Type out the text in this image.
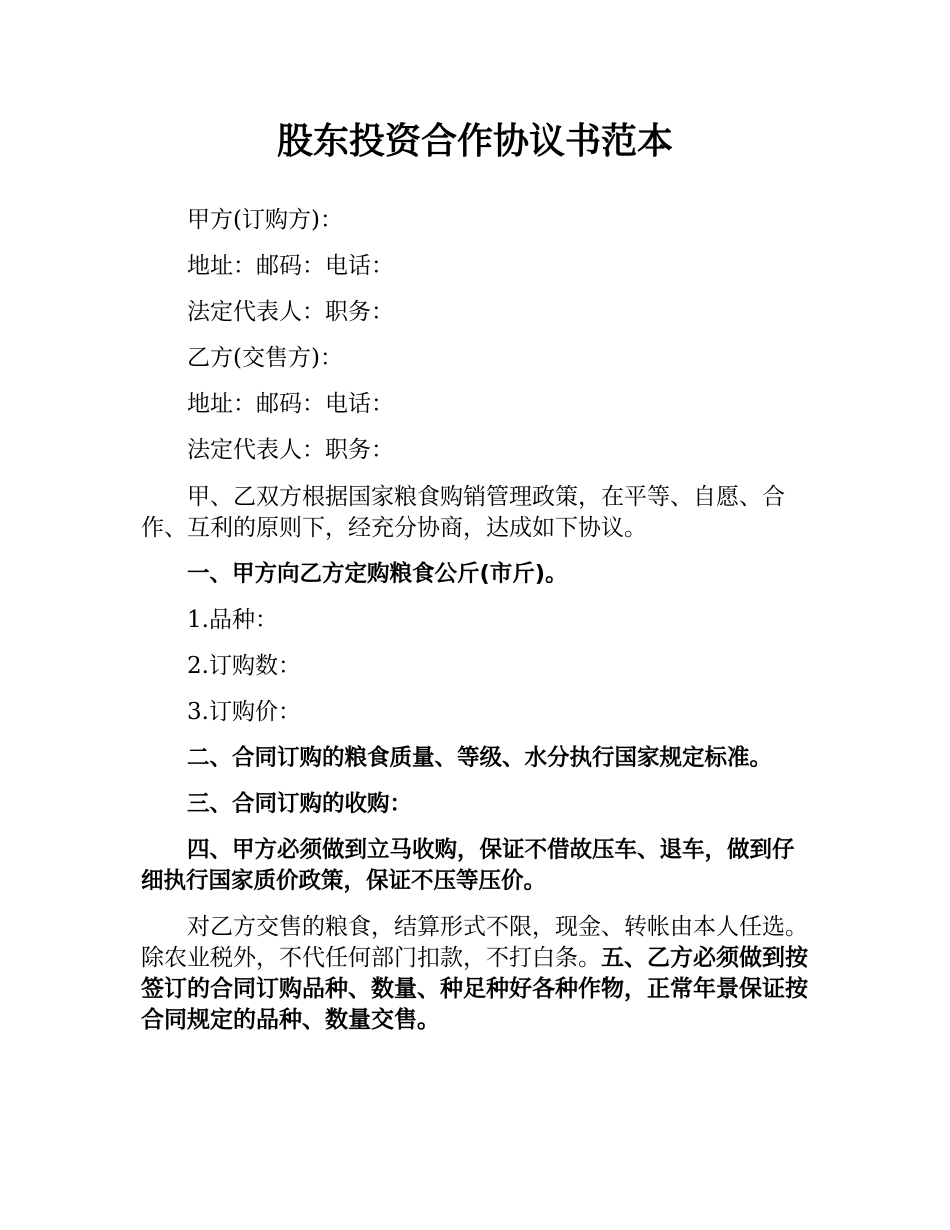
股东投资合作协议书范本

甲方(订购方)：

地址：邮码：电话：

法定代表人：职务：

乙方(交售方)：

地址：邮码：电话：

法定代表人：职务：

甲、乙双方根据国家粮食购销管理政策，在平等、自愿、合作、互利的原则下，经充分协商，达成如下协议。

一、甲方向乙方定购粮食公斤(市斤)。

1.品种：

2.订购数：

3.订购价：

二、合同订购的粮食质量、等级、水分执行国家规定标准。

三、合同订购的收购：

四、甲方必须做到立马收购，保证不借故压车、退车，做到仔细执行国家质价政策，保证不压等压价。

对乙方交售的粮食，结算形式不限，现金、转帐由本人任选。除农业税外，不代任何部门扣款，不打白条。五、乙方必须做到按签订的合同订购品种、数量、种足种好各种作物，正常年景保证按合同规定的品种、数量交售。
